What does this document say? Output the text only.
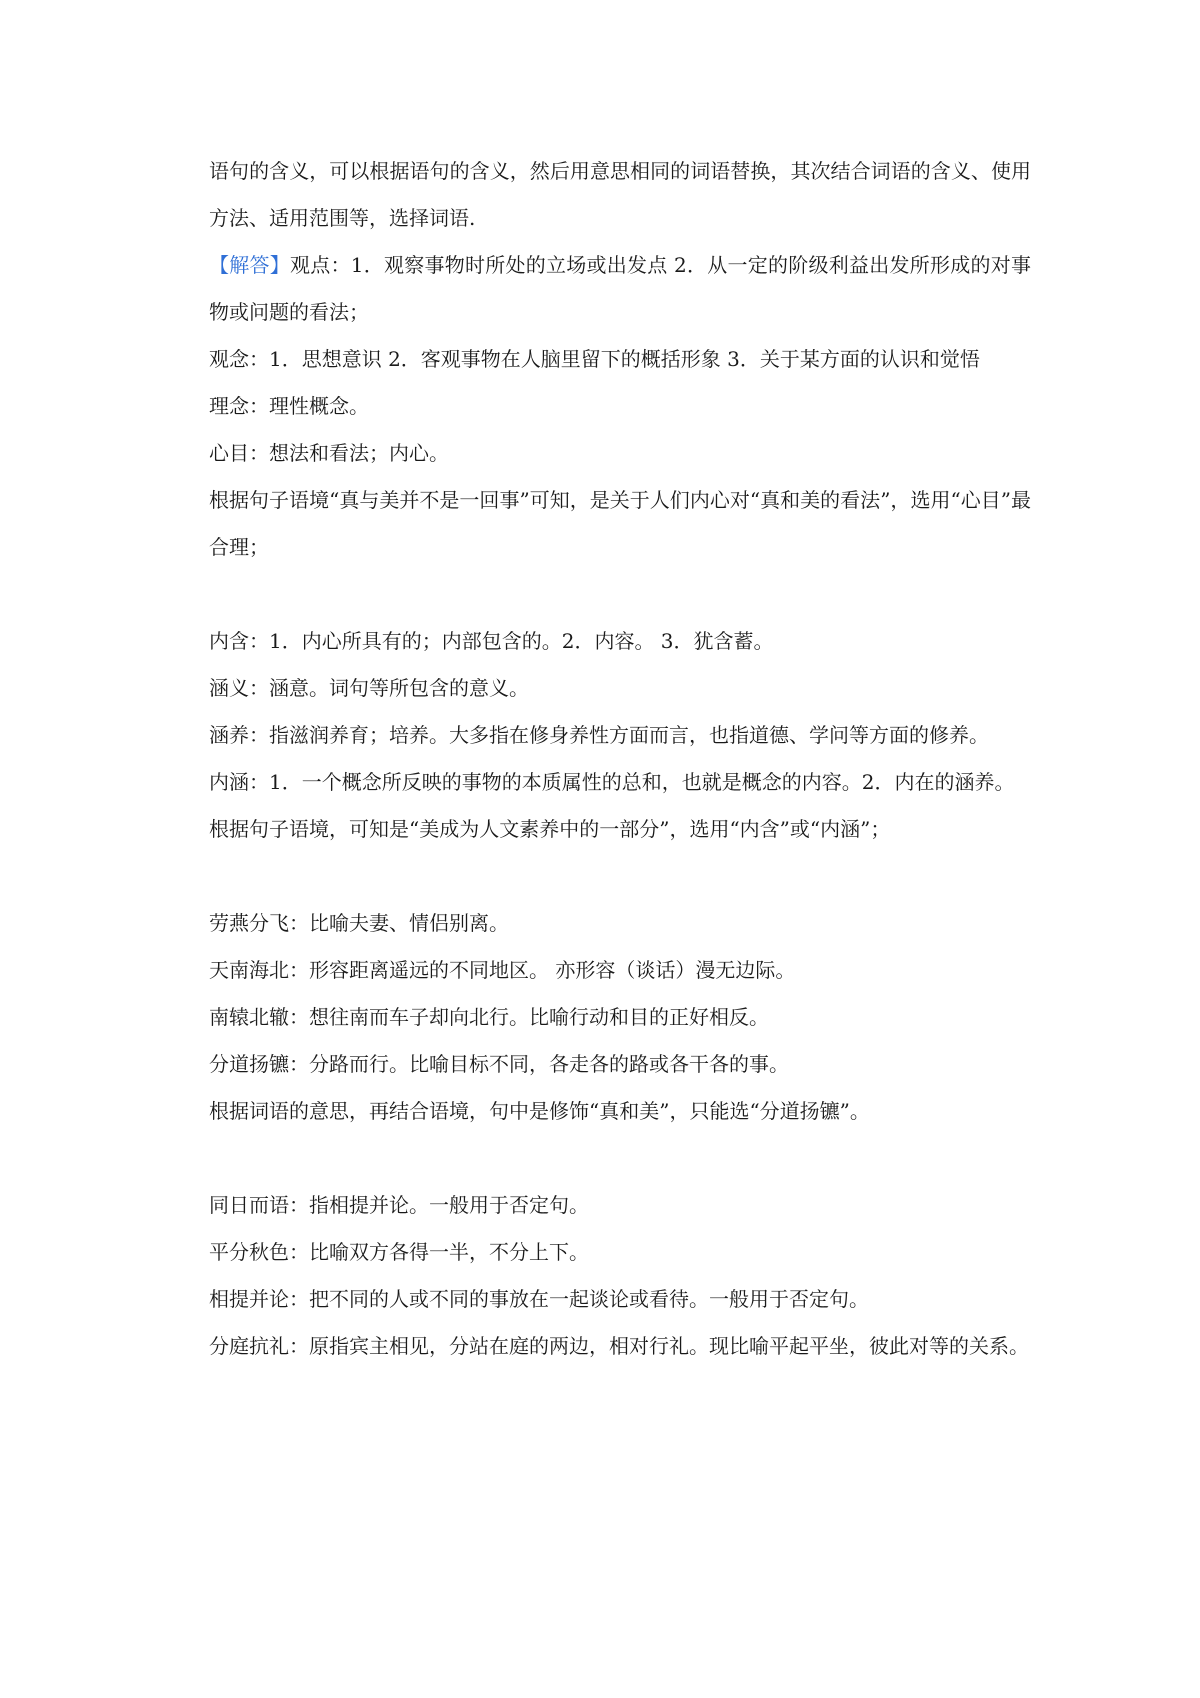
语句的含义，可以根据语句的含义，然后用意思相同的词语替换，其次结合词语的含义、使用方法、适用范围等，选择词语.

【解答】观点：1．观察事物时所处的立场或出发点 2．从一定的阶级利益出发所形成的对事物或问题的看法；

观念：1．思想意识 2．客观事物在人脑里留下的概括形象 3．关于某方面的认识和觉悟

理念：理性概念。

心目：想法和看法；内心。

根据句子语境“真与美并不是一回事”可知，是关于人们内心对“真和美的看法”，选用“心目”最合理；

内含：1．内心所具有的；内部包含的。2．内容。 3．犹含蓄。

涵义：涵意。词句等所包含的意义。

涵养：指滋润养育；培养。大多指在修身养性方面而言，也指道德、学问等方面的修养。

内涵：1．一个概念所反映的事物的本质属性的总和，也就是概念的内容。2．内在的涵养。

根据句子语境，可知是“美成为人文素养中的一部分”，选用“内含”或“内涵”；

劳燕分飞：比喻夫妻、情侣别离。

天南海北：形容距离遥远的不同地区。 亦形容（谈话）漫无边际。

南辕北辙：想往南而车子却向北行。比喻行动和目的正好相反。

分道扬镳：分路而行。比喻目标不同，各走各的路或各干各的事。

根据词语的意思，再结合语境，句中是修饰“真和美”，只能选“分道扬镳”。

同日而语：指相提并论。一般用于否定句。

平分秋色：比喻双方各得一半，不分上下。

相提并论：把不同的人或不同的事放在一起谈论或看待。一般用于否定句。

分庭抗礼：原指宾主相见，分站在庭的两边，相对行礼。现比喻平起平坐，彼此对等的关系。
